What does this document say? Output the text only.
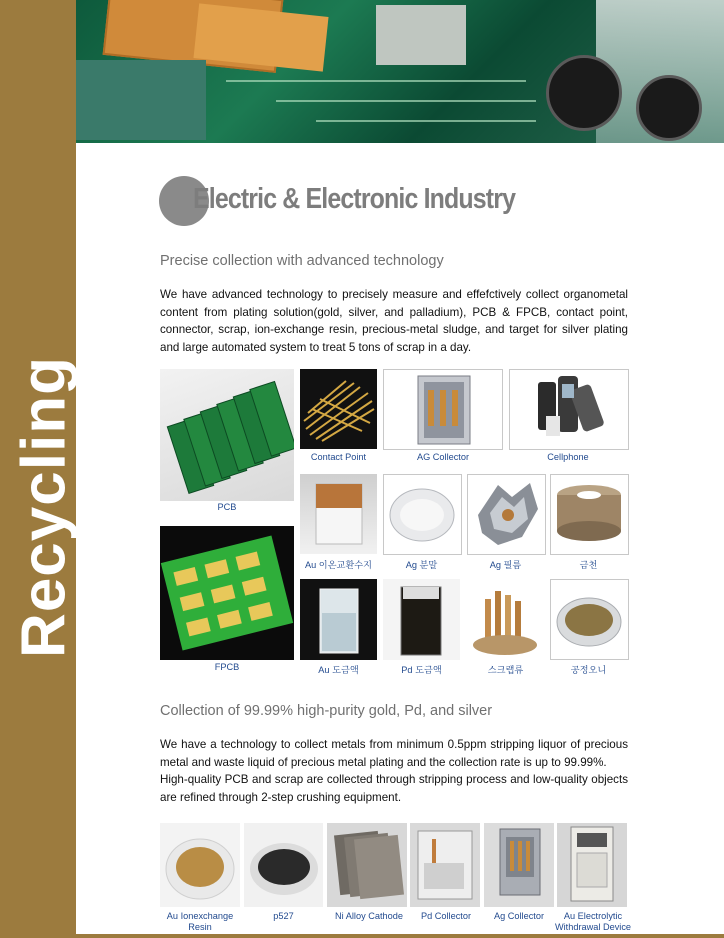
Recycling
Electric & Electronic Industry
Precise collection with advanced technology
We have advanced technology to precisely measure and effefctively collect organometal content from plating solution(gold, silver, and palladium), PCB & FPCB, contact point, connector, scrap, ion-exchange resin, precious-metal sludge, and target for silver plating and large automated system to treat 5 tons of scrap in a day.
PCB
FPCB
Contact Point	AG Collector	Cellphone
Au 이온교환수지	Ag 분말	Ag 필름	금천
Au 도금액	Pd 도금액	스크랩류	공정오니
Collection of 99.99% high-purity gold, Pd, and silver
We have a technology to collect metals from minimum 0.5ppm stripping liquor of precious metal and waste liquid of precious metal plating and the collection rate is up to 99.99%.
High-quality PCB and scrap are collected through stripping process and low-quality objects are refined through 2-step crushing equipment.
Au Ionexchange Resin
p527	Ni Alloy Cathode	Pd Collector	Ag Collector	Au Electrolytic Withdrawal Device
